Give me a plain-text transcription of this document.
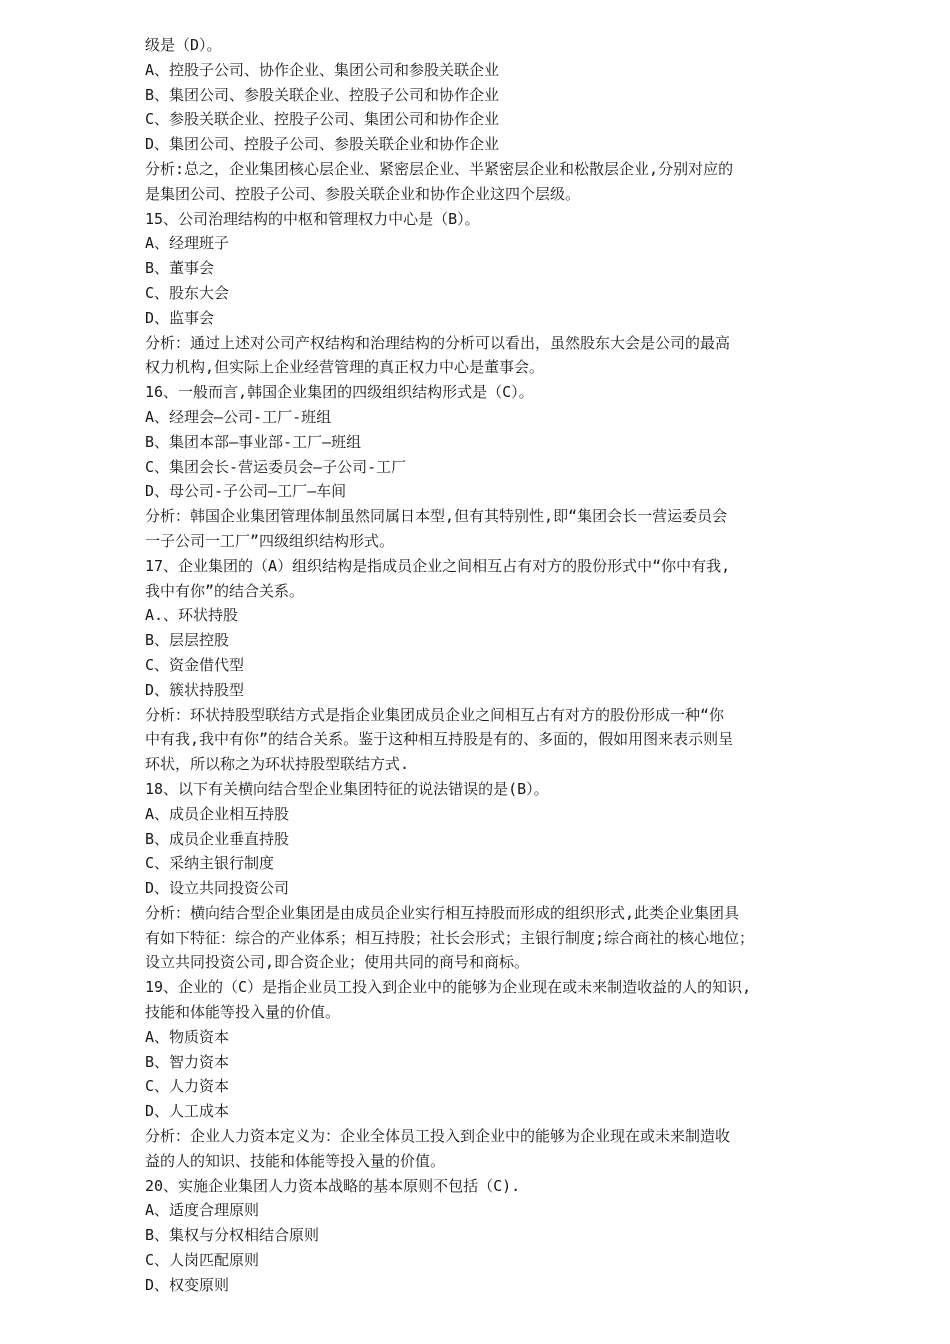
级是（D）。
A、控股子公司、协作企业、集团公司和参股关联企业
B、集团公司、参股关联企业、控股子公司和协作企业
C、参股关联企业、控股子公司、集团公司和协作企业
D、集团公司、控股子公司、参股关联企业和协作企业
分析:总之，企业集团核心层企业、紧密层企业、半紧密层企业和松散层企业,分别对应的
是集团公司、控股子公司、参股关联企业和协作企业这四个层级。
15、公司治理结构的中枢和管理权力中心是（B）。
A、经理班子
B、董事会
C、股东大会
D、监事会
分析：通过上述对公司产权结构和治理结构的分析可以看出，虽然股东大会是公司的最高
权力机构,但实际上企业经营管理的真正权力中心是董事会。
16、一般而言,韩国企业集团的四级组织结构形式是（C）。
A、经理会—公司-工厂-班组
B、集团本部—事业部-工厂—班组
C、集团会长-营运委员会—子公司-工厂
D、母公司-子公司—工厂—车间
分析：韩国企业集团管理体制虽然同属日本型,但有其特别性,即“集团会长一营运委员会
一子公司一工厂”四级组织结构形式。
17、企业集团的（A）组织结构是指成员企业之间相互占有对方的股份形式中“你中有我,
我中有你”的结合关系。
A.、环状持股
B、层层控股
C、资金借代型
D、簇状持股型
分析：环状持股型联结方式是指企业集团成员企业之间相互占有对方的股份形成一种“你
中有我,我中有你”的结合关系。鉴于这种相互持股是有的、多面的，假如用图来表示则呈
环状，所以称之为环状持股型联结方式.
18、以下有关横向结合型企业集团特征的说法错误的是(B）。
A、成员企业相互持股
B、成员企业垂直持股
C、采纳主银行制度
D、设立共同投资公司
分析：横向结合型企业集团是由成员企业实行相互持股而形成的组织形式,此类企业集团具
有如下特征：综合的产业体系；相互持股；社长会形式；主银行制度;综合商社的核心地位；
设立共同投资公司,即合资企业；使用共同的商号和商标。
19、企业的（C）是指企业员工投入到企业中的能够为企业现在或未来制造收益的人的知识,
技能和体能等投入量的价值。
A、物质资本
B、智力资本
C、人力资本
D、人工成本
分析：企业人力资本定义为：企业全体员工投入到企业中的能够为企业现在或未来制造收
益的人的知识、技能和体能等投入量的价值。
20、实施企业集团人力资本战略的基本原则不包括（C).
A、适度合理原则
B、集权与分权相结合原则
C、人岗匹配原则
D、权变原则
